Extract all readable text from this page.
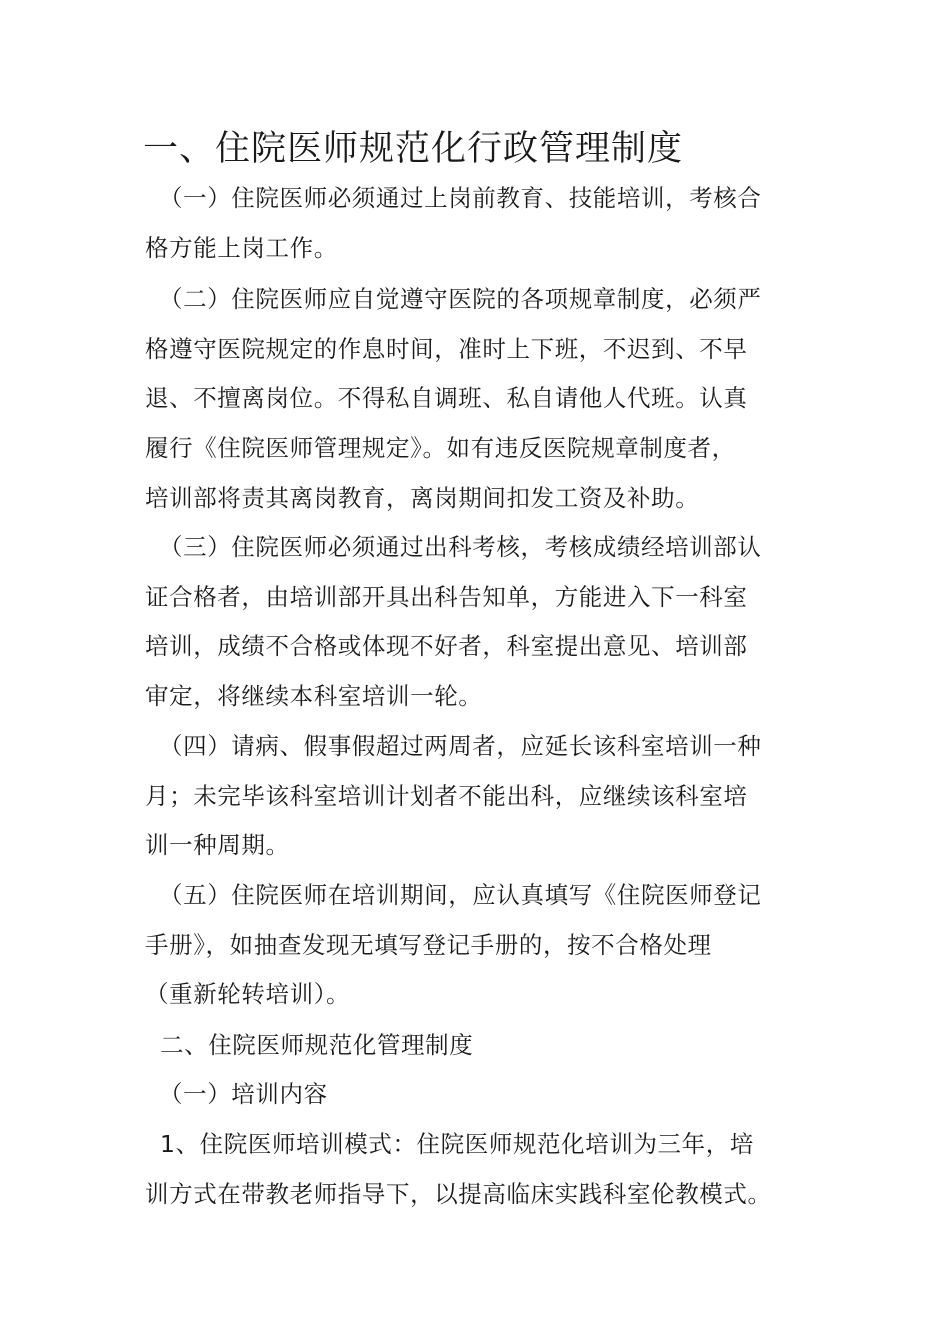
一、住院医师规范化行政管理制度
（一）住院医师必须通过上岗前教育、技能培训，考核合
格方能上岗工作。
（二）住院医师应自觉遵守医院的各项规章制度，必须严
格遵守医院规定的作息时间，准时上下班，不迟到、不早
退、不擅离岗位。不得私自调班、私自请他人代班。认真
履行《住院医师管理规定》。如有违反医院规章制度者，
培训部将责其离岗教育，离岗期间扣发工资及补助。
（三）住院医师必须通过出科考核，考核成绩经培训部认
证合格者，由培训部开具出科告知单，方能进入下一科室
培训，成绩不合格或体现不好者，科室提出意见、培训部
审定，将继续本科室培训一轮。
（四）请病、假事假超过两周者，应延长该科室培训一种
月；未完毕该科室培训计划者不能出科，应继续该科室培
训一种周期。
（五）住院医师在培训期间，应认真填写《住院医师登记
手册》，如抽查发现无填写登记手册的，按不合格处理
（重新轮转培训）。
二、住院医师规范化管理制度
（一）培训内容
1、住院医师培训模式：住院医师规范化培训为三年，培
训方式在带教老师指导下，以提高临床实践科室伦教模式。
